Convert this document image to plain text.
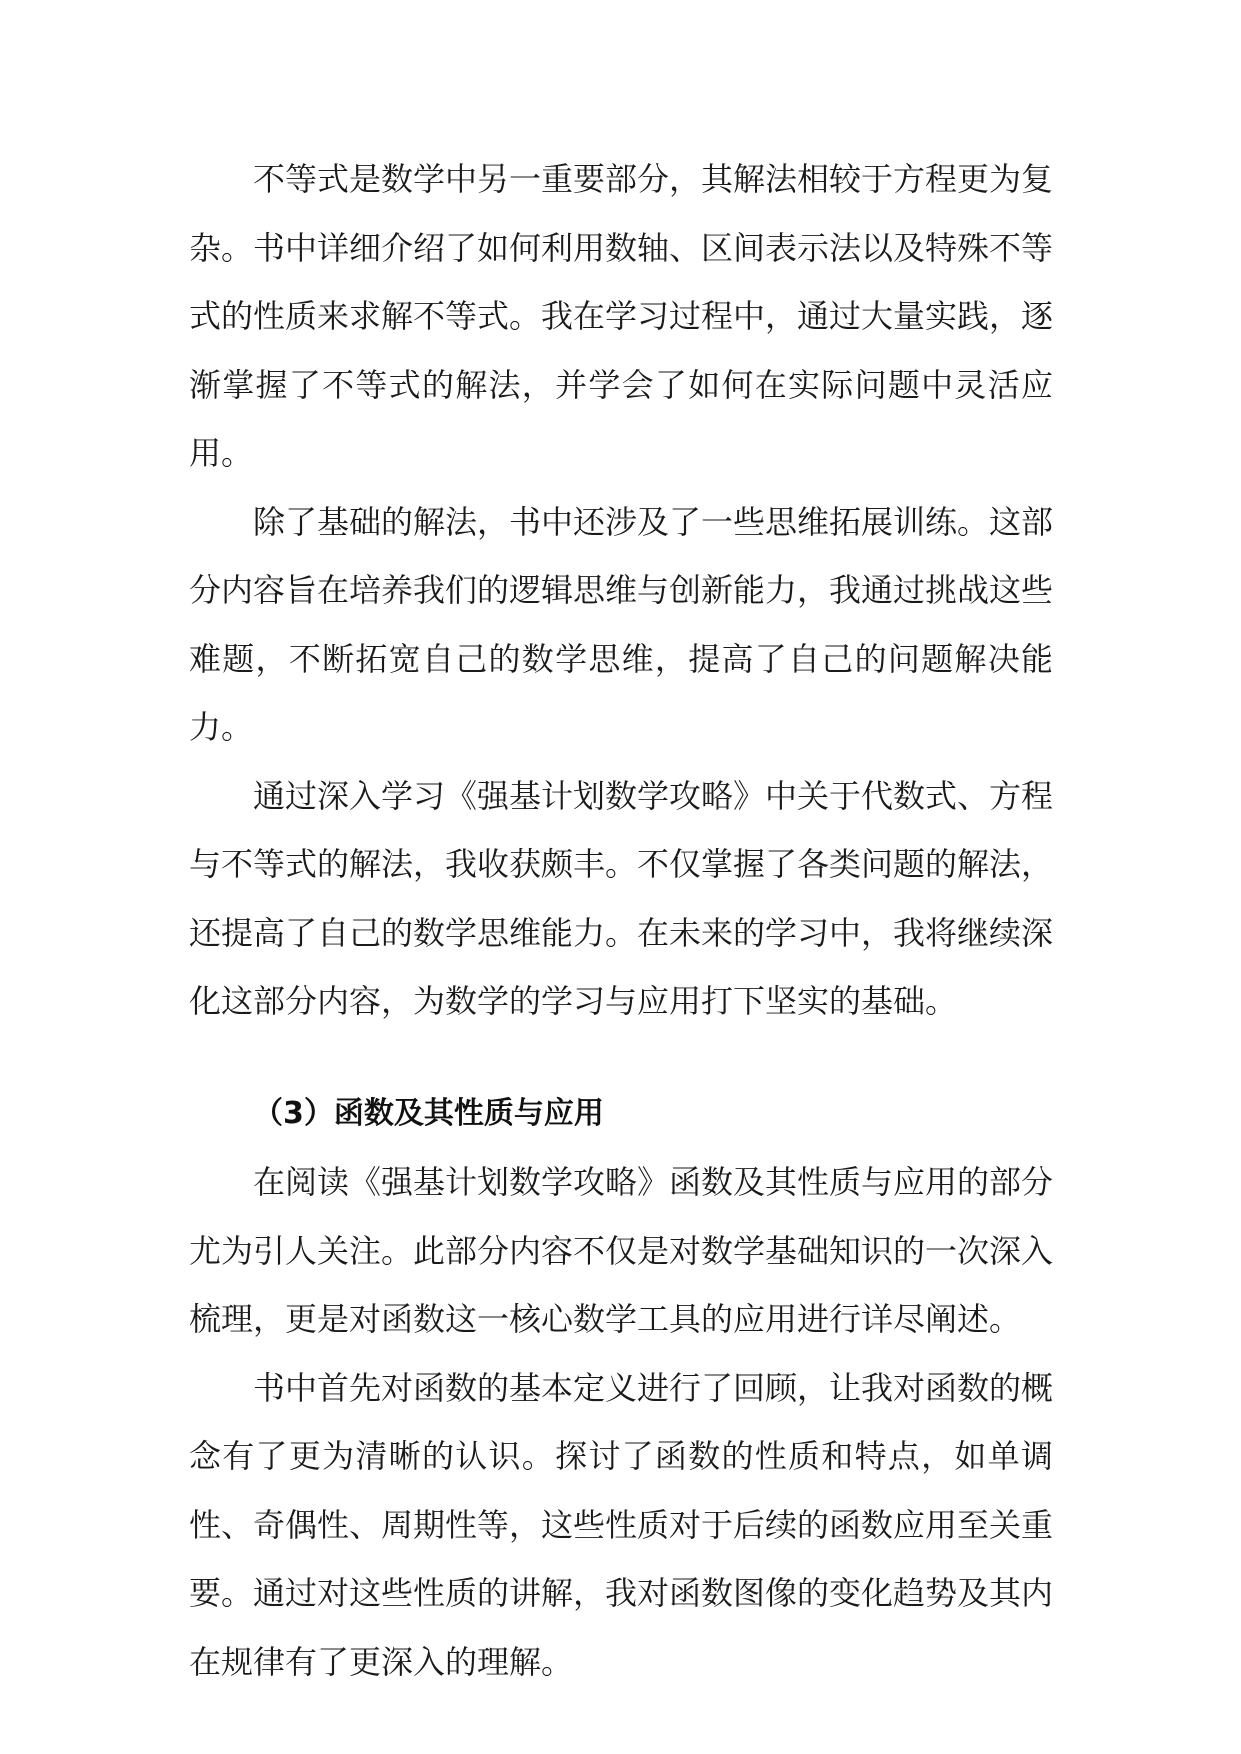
不等式是数学中另一重要部分，其解法相较于方程更为复杂。书中详细介绍了如何利用数轴、区间表示法以及特殊不等式的性质来求解不等式。我在学习过程中，通过大量实践，逐渐掌握了不等式的解法，并学会了如何在实际问题中灵活应用。

除了基础的解法，书中还涉及了一些思维拓展训练。这部分内容旨在培养我们的逻辑思维与创新能力，我通过挑战这些难题，不断拓宽自己的数学思维，提高了自己的问题解决能力。

通过深入学习《强基计划数学攻略》中关于代数式、方程与不等式的解法，我收获颇丰。不仅掌握了各类问题的解法，还提高了自己的数学思维能力。在未来的学习中，我将继续深化这部分内容，为数学的学习与应用打下坚实的基础。

（3）函数及其性质与应用

在阅读《强基计划数学攻略》函数及其性质与应用的部分尤为引人关注。此部分内容不仅是对数学基础知识的一次深入梳理，更是对函数这一核心数学工具的应用进行详尽阐述。

书中首先对函数的基本定义进行了回顾，让我对函数的概念有了更为清晰的认识。探讨了函数的性质和特点，如单调性、奇偶性、周期性等，这些性质对于后续的函数应用至关重要。通过对这些性质的讲解，我对函数图像的变化趋势及其内在规律有了更深入的理解。
